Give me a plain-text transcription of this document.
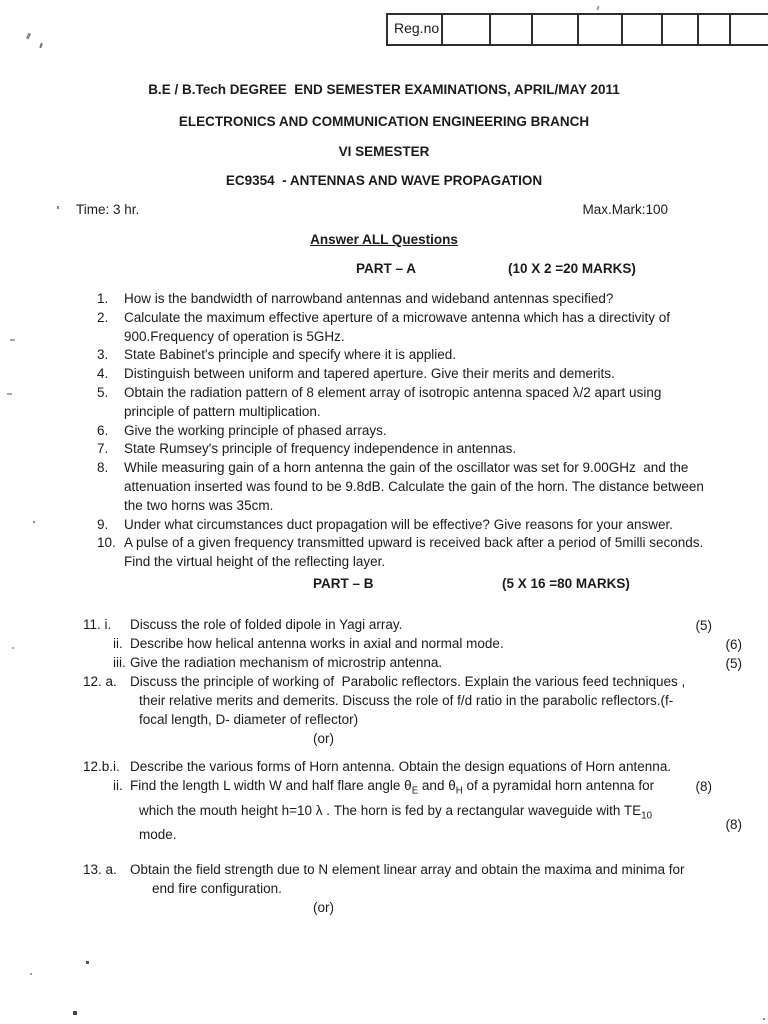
Reg.no
B.E / B.Tech DEGREE  END SEMESTER EXAMINATIONS, APRIL/MAY 2011
ELECTRONICS AND COMMUNICATION ENGINEERING BRANCH
VI SEMESTER
EC9354  - ANTENNAS AND WAVE PROPAGATION
Time: 3 hr.	Max.Mark:100
Answer ALL Questions
PART – A	(10 X 2 =20 MARKS)
1.	How is the bandwidth of narrowband antennas and wideband antennas specified?
2.	Calculate the maximum effective aperture of a microwave antenna which has a directivity of 900.Frequency of operation is 5GHz.
3.	State Babinet's principle and specify where it is applied.
4.	Distinguish between uniform and tapered aperture. Give their merits and demerits.
5.	Obtain the radiation pattern of 8 element array of isotropic antenna spaced λ/2 apart using principle of pattern multiplication.
6.	Give the working principle of phased arrays.
7.	State Rumsey's principle of frequency independence in antennas.
8.	While measuring gain of a horn antenna the gain of the oscillator was set for 9.00GHz  and the attenuation inserted was found to be 9.8dB. Calculate the gain of the horn. The distance between the two horns was 35cm.
9.	Under what circumstances duct propagation will be effective? Give reasons for your answer.
10. A pulse of a given frequency transmitted upward is received back after a period of 5milli seconds. Find the virtual height of the reflecting layer.
PART – B	(5 X 16 =80 MARKS)
11. i.	Discuss the role of folded dipole in Yagi array.	(5)
ii. Describe how helical antenna works in axial and normal mode.	(6)
iii. Give the radiation mechanism of microstrip antenna.	(5)
12. a. Discuss the principle of working of  Parabolic reflectors. Explain the various feed techniques , their relative merits and demerits. Discuss the role of f/d ratio in the parabolic reflectors.(f-focal length, D- diameter of reflector)
(or)
12.b.i. Describe the various forms of Horn antenna. Obtain the design equations of Horn antenna.
(8)
ii. Find the length L width W and half flare angle $\theta_E$ and $\theta_H$ of a pyramidal horn antenna for which the mouth height h=10 λ . The horn is fed by a rectangular waveguide with $TE_{10}$ mode.
(8)
13. a. Obtain the field strength due to N element linear array and obtain the maxima and minima for end fire configuration.
(or)
